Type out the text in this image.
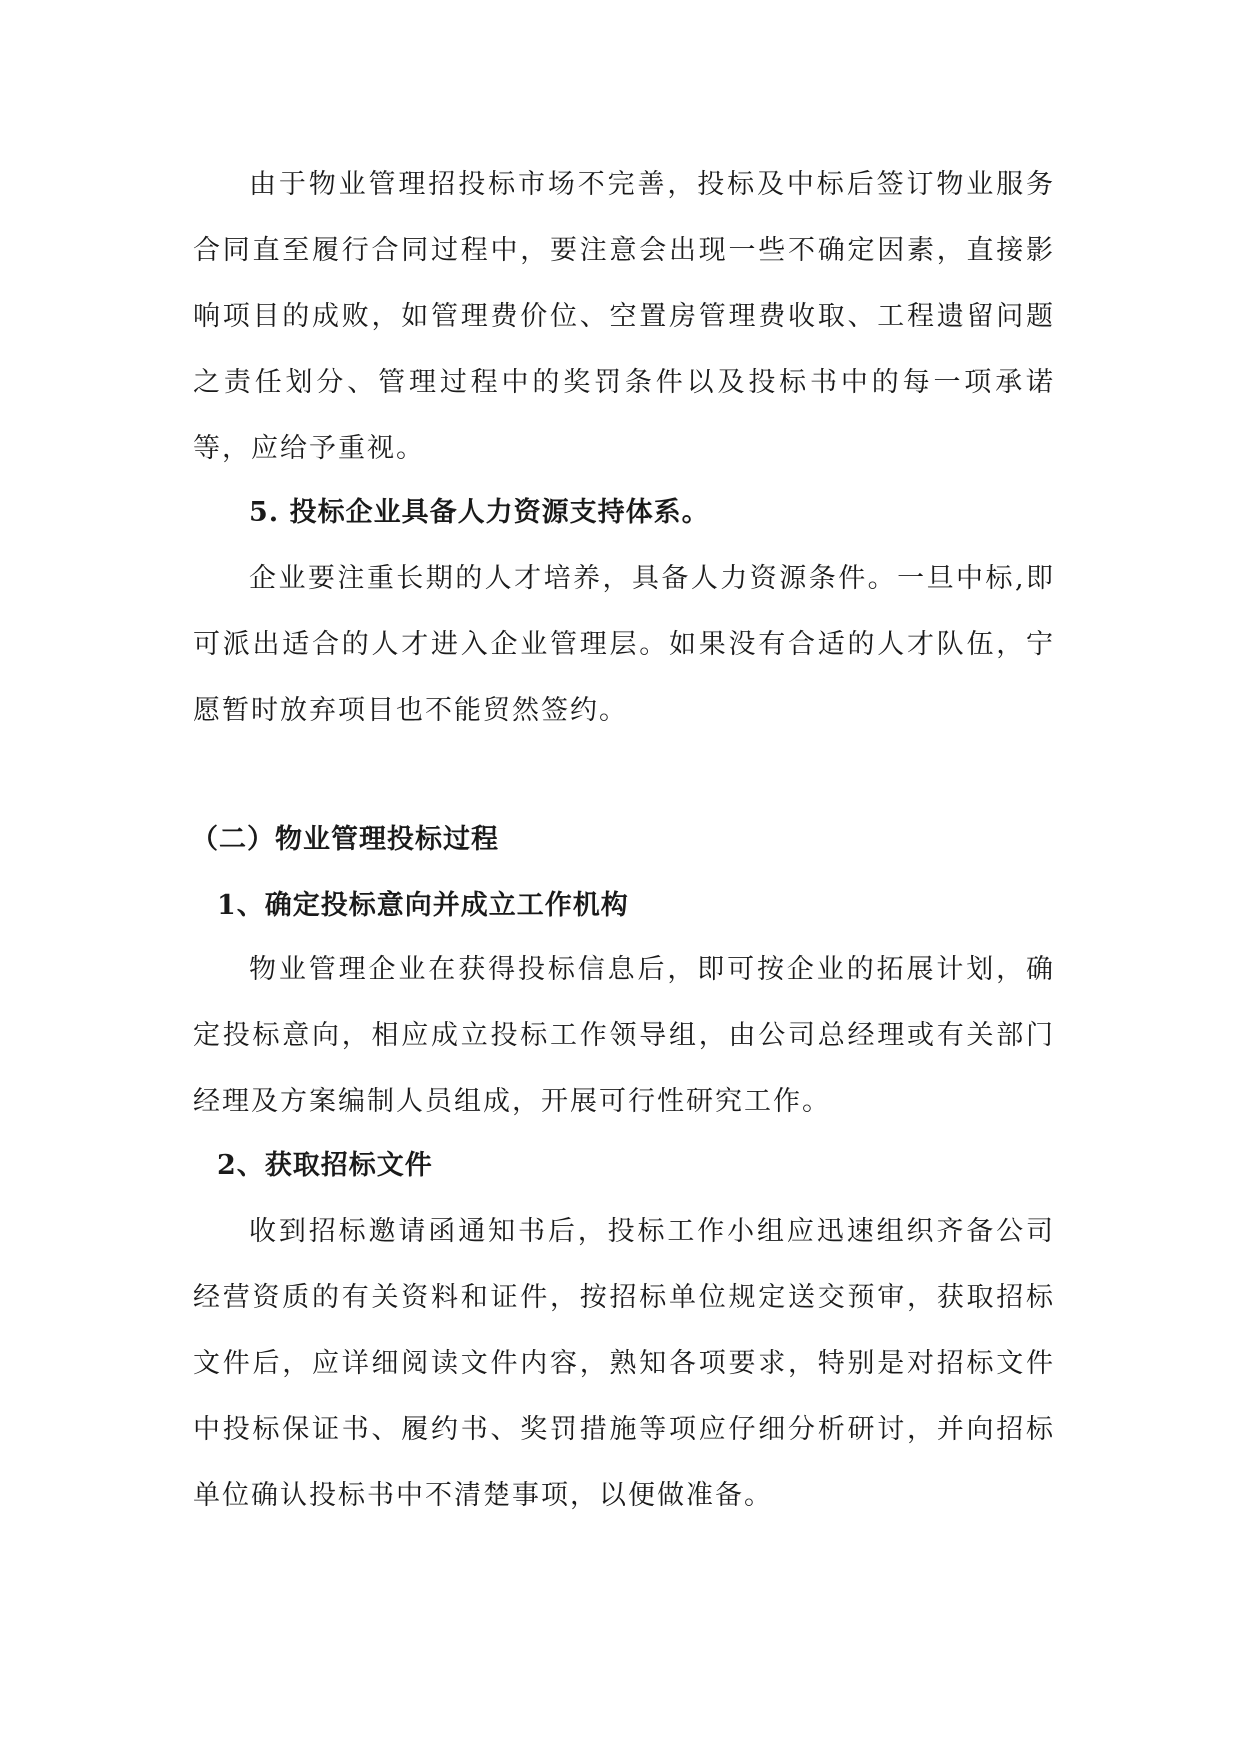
由于物业管理招投标市场不完善，投标及中标后签订物业服务合同直至履行合同过程中，要注意会出现一些不确定因素，直接影响项目的成败，如管理费价位、空置房管理费收取、工程遗留问题之责任划分、管理过程中的奖罚条件以及投标书中的每一项承诺等，应给予重视。

5. 投标企业具备人力资源支持体系。

企业要注重长期的人才培养，具备人力资源条件。一旦中标,即可派出适合的人才进入企业管理层。如果没有合适的人才队伍，宁愿暂时放弃项目也不能贸然签约。

（二）物业管理投标过程

1、确定投标意向并成立工作机构

物业管理企业在获得投标信息后，即可按企业的拓展计划，确定投标意向，相应成立投标工作领导组，由公司总经理或有关部门经理及方案编制人员组成，开展可行性研究工作。

2、获取招标文件

收到招标邀请函通知书后，投标工作小组应迅速组织齐备公司经营资质的有关资料和证件，按招标单位规定送交预审，获取招标文件后，应详细阅读文件内容，熟知各项要求，特别是对招标文件中投标保证书、履约书、奖罚措施等项应仔细分析研讨，并向招标单位确认投标书中不清楚事项，以便做准备。
